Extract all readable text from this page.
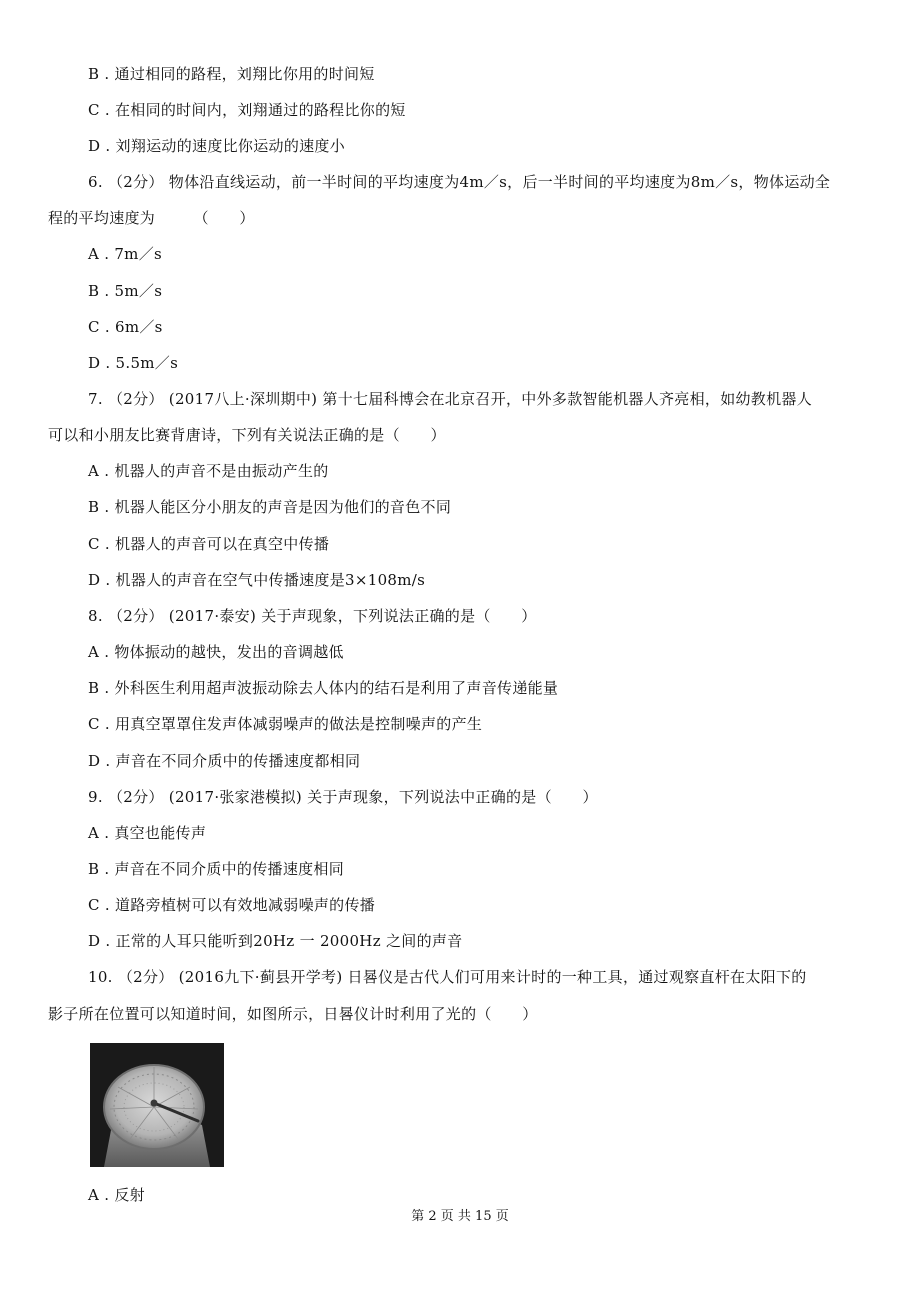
B . 通过相同的路程，刘翔比你用的时间短
C . 在相同的时间内，刘翔通过的路程比你的短
D . 刘翔运动的速度比你运动的速度小
6. （2分） 物体沿直线运动，前一半时间的平均速度为4m／s，后一半时间的平均速度为8m／s，物体运动全
程的平均速度为　　　（　　）
A . 7m／s
B . 5m／s
C . 6m／s
D . 5.5m／s
7. （2分） (2017八上·深圳期中) 第十七届科博会在北京召开，中外多款智能机器人齐亮相，如幼教机器人
可以和小朋友比赛背唐诗，下列有关说法正确的是（　　）
A . 机器人的声音不是由振动产生的
B . 机器人能区分小朋友的声音是因为他们的音色不同
C . 机器人的声音可以在真空中传播
D . 机器人的声音在空气中传播速度是3×108m/s
8. （2分） (2017·泰安) 关于声现象，下列说法正确的是（　　）
A . 物体振动的越快，发出的音调越低
B . 外科医生利用超声波振动除去人体内的结石是利用了声音传递能量
C . 用真空罩罩住发声体减弱噪声的做法是控制噪声的产生
D . 声音在不同介质中的传播速度都相同
9. （2分） (2017·张家港模拟) 关于声现象，下列说法中正确的是（　　）
A . 真空也能传声
B . 声音在不同介质中的传播速度相同
C . 道路旁植树可以有效地减弱噪声的传播
D . 正常的人耳只能听到20Hz 一 2000Hz 之间的声音
10. （2分） (2016九下·蓟县开学考) 日晷仪是古代人们可用来计时的一种工具，通过观察直杆在太阳下的
影子所在位置可以知道时间，如图所示，日晷仪计时利用了光的（　　）
A . 反射
第 2 页 共 15 页
